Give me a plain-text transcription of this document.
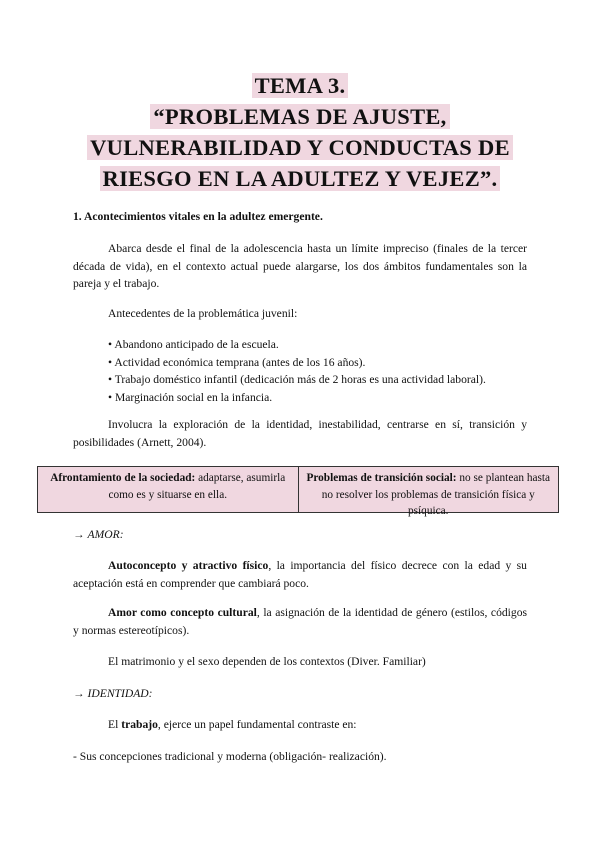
TEMA 3.
“PROBLEMAS DE AJUSTE,
VULNERABILIDAD Y CONDUCTAS DE
RIESGO EN LA ADULTEZ Y VEJEZ”.

1. Acontecimientos vitales en la adultez emergente.

Abarca desde el final de la adolescencia hasta un límite impreciso (finales de la tercer década de vida), en el contexto actual puede alargarse, los dos ámbitos fundamentales son la pareja y el trabajo.

Antecedentes de la problemática juvenil:

• Abandono anticipado de la escuela.
• Actividad económica temprana (antes de los 16 años).
• Trabajo doméstico infantil (dedicación más de 2 horas es una actividad laboral).
• Marginación social en la infancia.

Involucra la exploración de la identidad, inestabilidad, centrarse en sí, transición y posibilidades (Arnett, 2004).

Afrontamiento de la sociedad: adaptarse, asumirla como es y situarse en ella.
Problemas de transición social: no se plantean hasta no resolver los problemas de transición física y psíquica.

→ AMOR:

Autoconcepto y atractivo físico, la importancia del físico decrece con la edad y su aceptación está en comprender que cambiará poco.

Amor como concepto cultural, la asignación de la identidad de género (estilos, códigos y normas estereotípicos).

El matrimonio y el sexo dependen de los contextos (Diver. Familiar)

→ IDENTIDAD:

El trabajo, ejerce un papel fundamental contraste en:

- Sus concepciones tradicional y moderna (obligación- realización).
